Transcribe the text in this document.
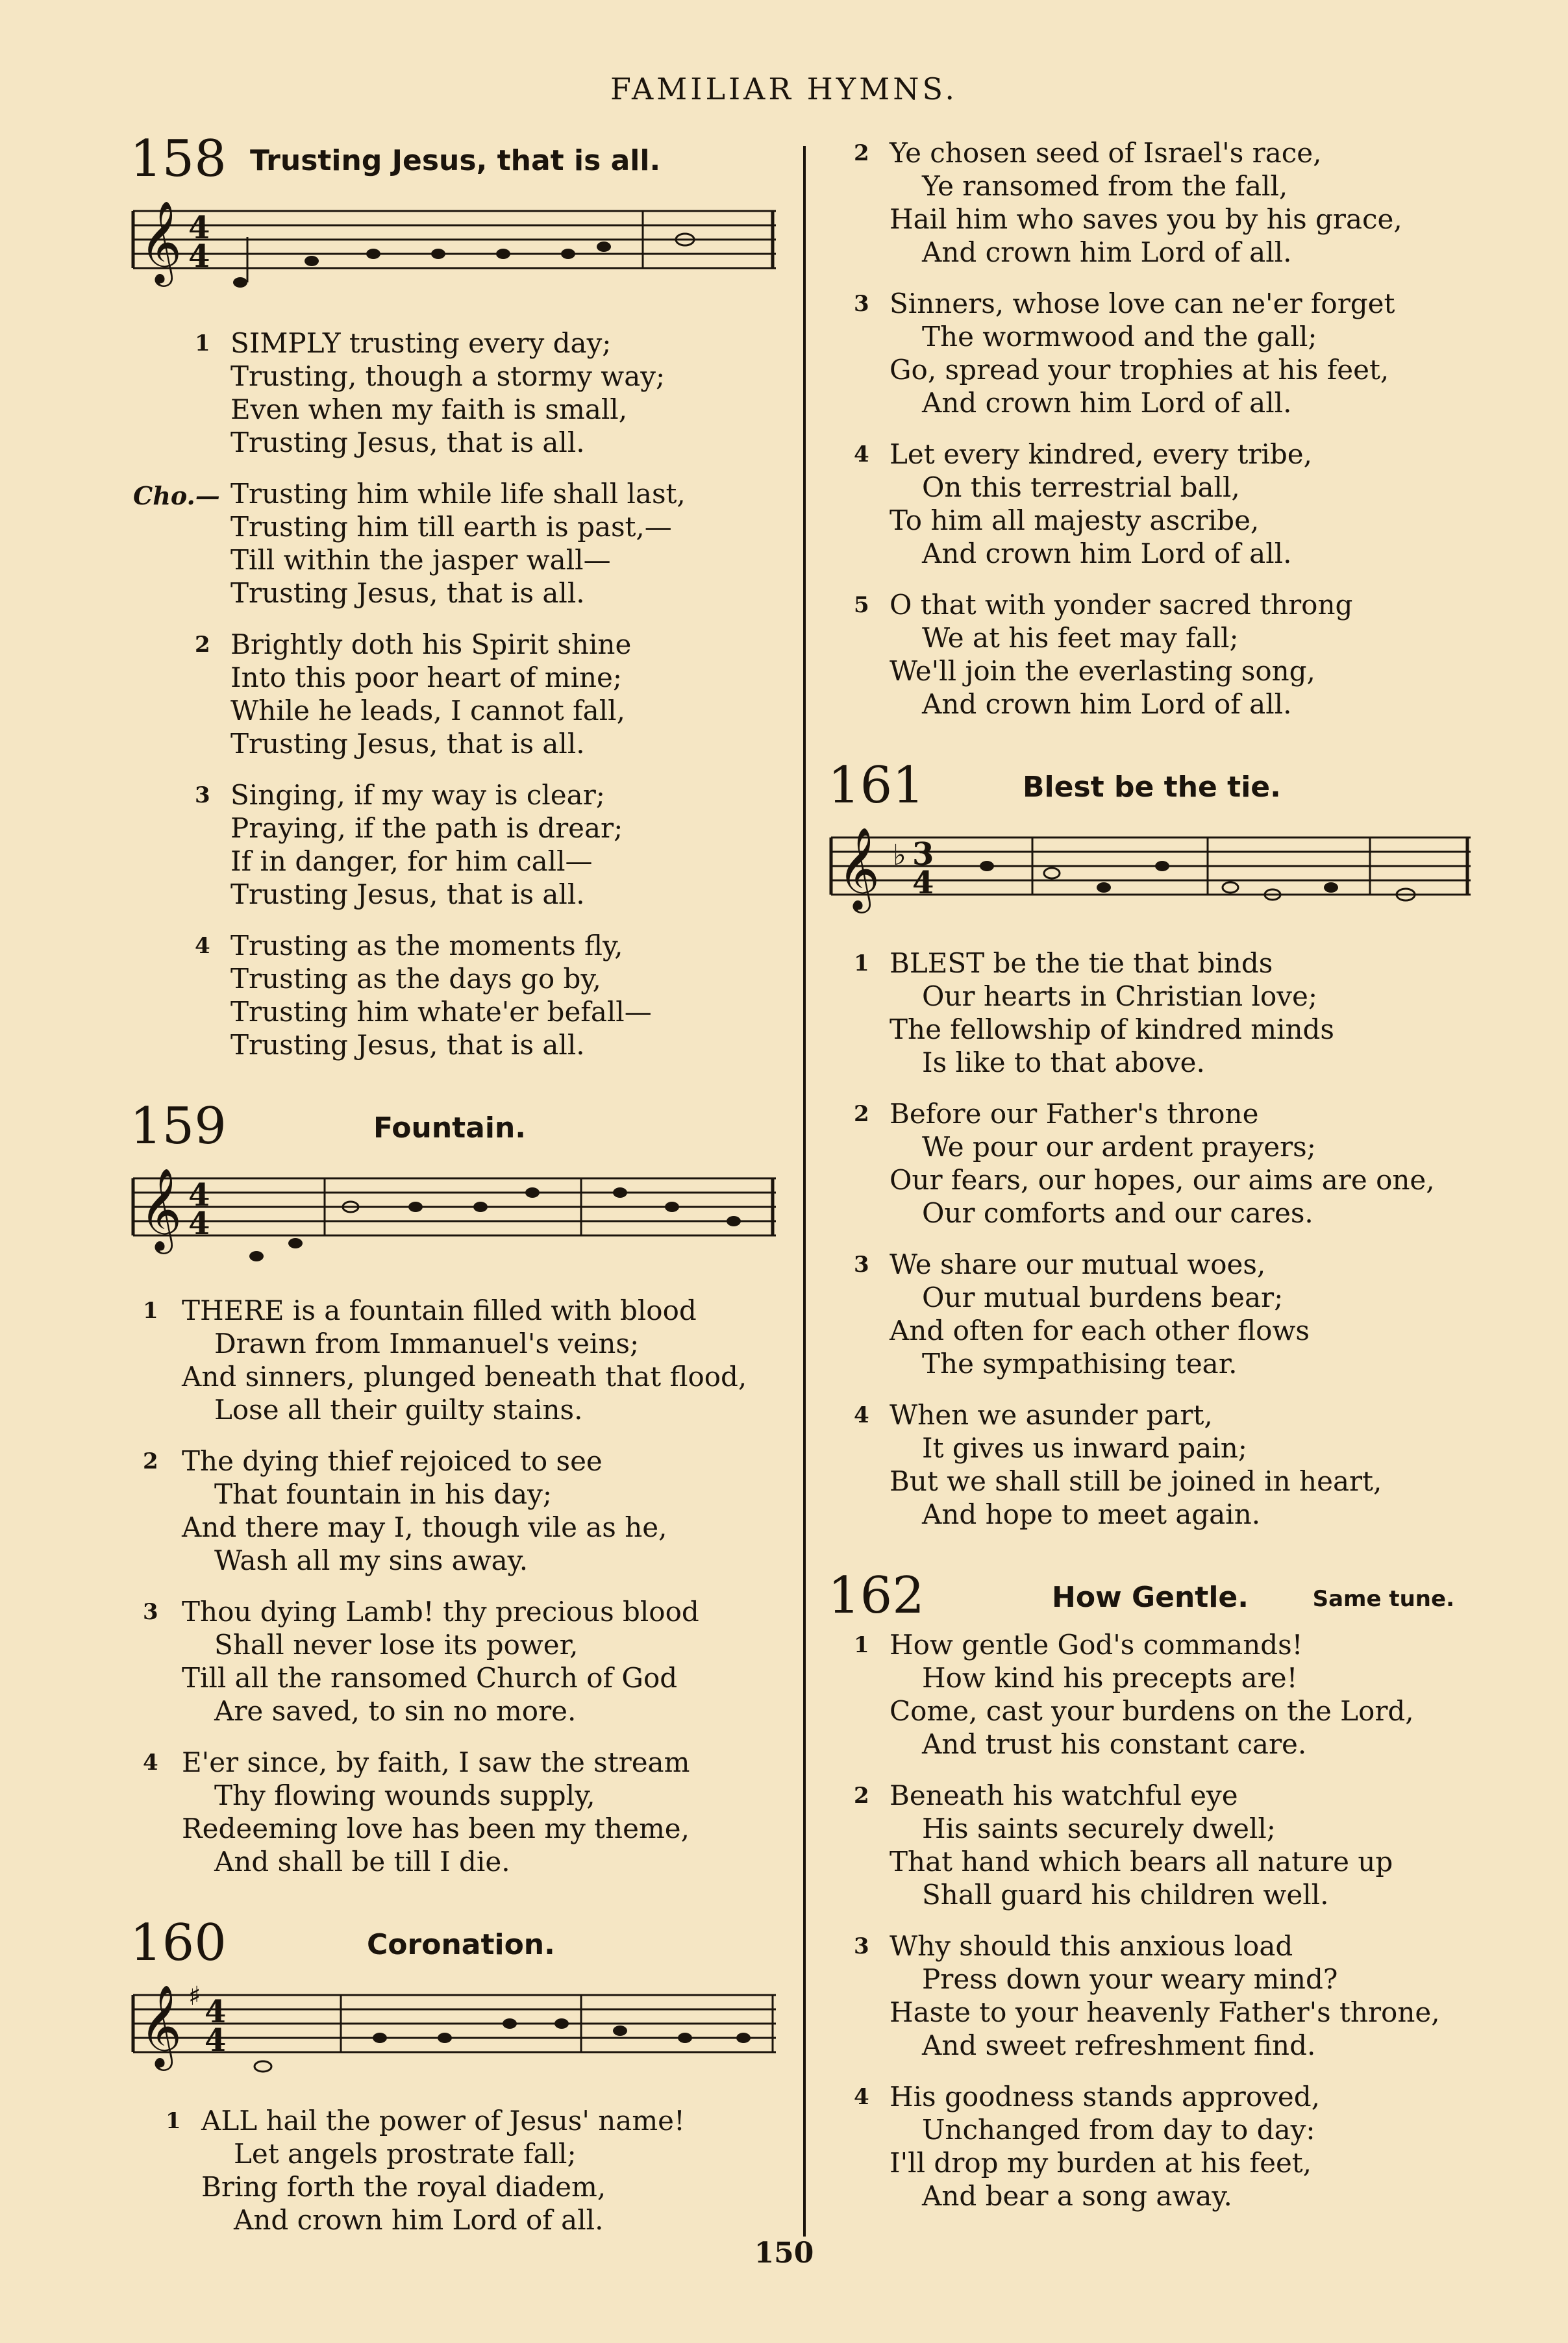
FAMILIAR HYMNS.
158 Trusting Jesus, that is all.
𝄞 4
4
1 SIMPLY trusting every day;
Trusting, though a stormy way;
Even when my faith is small,
Trusting Jesus, that is all.
Cho.— Trusting him while life shall last,
Trusting him till earth is past,—
Till within the jasper wall—
Trusting Jesus, that is all.
2 Brightly doth his Spirit shine
Into this poor heart of mine;
While he leads, I cannot fall,
Trusting Jesus, that is all.
3 Singing, if my way is clear;
Praying, if the path is drear;
If in danger, for him call—
Trusting Jesus, that is all.
4 Trusting as the moments fly,
Trusting as the days go by,
Trusting him whate'er befall—
Trusting Jesus, that is all.
159	Fountain.
𝄞 4
4
1 THERE is a fountain filled with blood
Drawn from Immanuel's veins;
And sinners, plunged beneath that flood,
Lose all their guilty stains.
2 The dying thief rejoiced to see
That fountain in his day;
And there may I, though vile as he,
Wash all my sins away.
3 Thou dying Lamb! thy precious blood
Shall never lose its power,
Till all the ransomed Church of God
Are saved, to sin no more.
4 E'er since, by faith, I saw the stream
Thy flowing wounds supply,
Redeeming love has been my theme,
And shall be till I die.
160	Coronation.
𝄞 ♯ 4
4
1 ALL hail the power of Jesus' name!
Let angels prostrate fall;
Bring forth the royal diadem,
And crown him Lord of all.
2 Ye chosen seed of Israel's race,
Ye ransomed from the fall,
Hail him who saves you by his grace,
And crown him Lord of all.
3 Sinners, whose love can ne'er forget
The wormwood and the gall;
Go, spread your trophies at his feet,
And crown him Lord of all.
4 Let every kindred, every tribe,
On this terrestrial ball,
To him all majesty ascribe,
And crown him Lord of all.
5 O that with yonder sacred throng
We at his feet may fall;
We'll join the everlasting song,
And crown him Lord of all.
161	Blest be the tie.
𝄞 ♭ 3
4
1 BLEST be the tie that binds
Our hearts in Christian love;
The fellowship of kindred minds
Is like to that above.
2 Before our Father's throne
We pour our ardent prayers;
Our fears, our hopes, our aims are one,
Our comforts and our cares.
3 We share our mutual woes,
Our mutual burdens bear;
And often for each other flows
The sympathising tear.
4 When we asunder part,
It gives us inward pain;
But we shall still be joined in heart,
And hope to meet again.
162	How Gentle.	Same tune.
1 How gentle God's commands!
How kind his precepts are!
Come, cast your burdens on the Lord,
And trust his constant care.
2 Beneath his watchful eye
His saints securely dwell;
That hand which bears all nature up
Shall guard his children well.
3 Why should this anxious load
Press down your weary mind?
Haste to your heavenly Father's throne,
And sweet refreshment find.
4 His goodness stands approved,
Unchanged from day to day:
I'll drop my burden at his feet,
And bear a song away.
150
